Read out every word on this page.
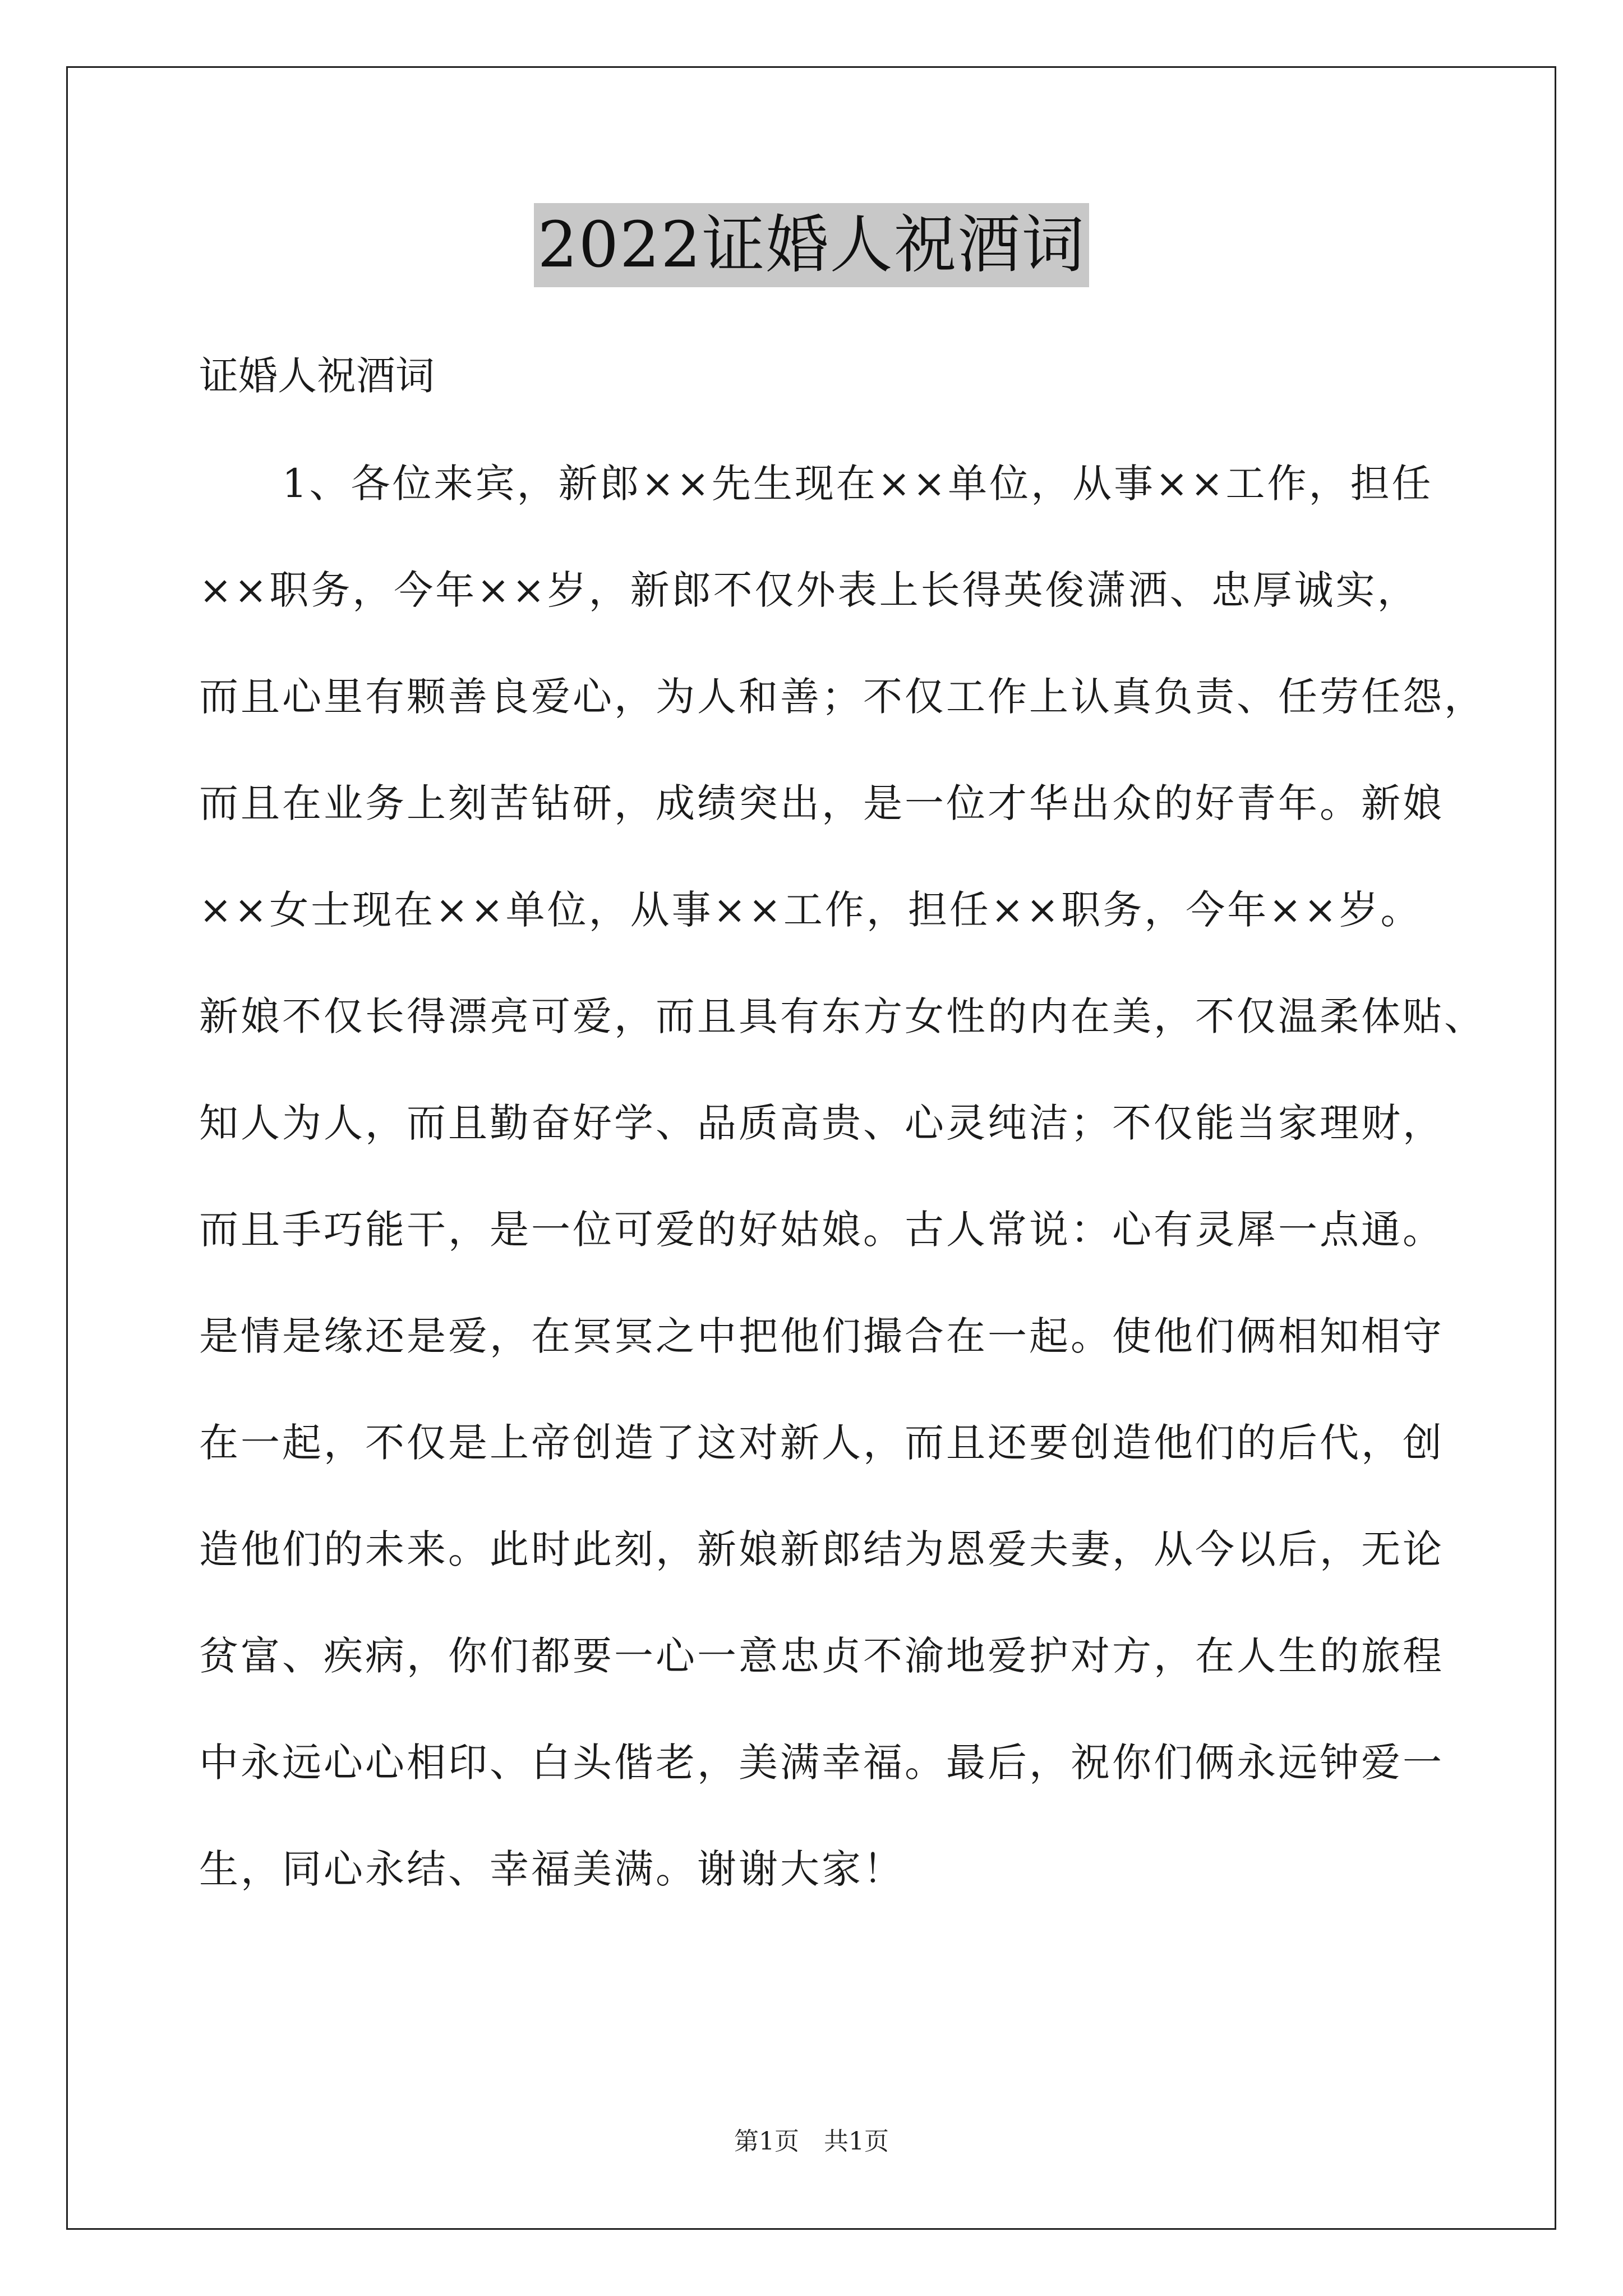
2022证婚人祝酒词
证婚人祝酒词
1、各位来宾，新郎××先生现在××单位，从事××工作，担任
××职务，今年××岁，新郎不仅外表上长得英俊潇洒、忠厚诚实，
而且心里有颗善良爱心，为人和善；不仅工作上认真负责、任劳任怨，
而且在业务上刻苦钻研，成绩突出，是一位才华出众的好青年。新娘
××女士现在××单位，从事××工作，担任××职务，今年××岁。
新娘不仅长得漂亮可爱，而且具有东方女性的内在美，不仅温柔体贴、
知人为人，而且勤奋好学、品质高贵、心灵纯洁；不仅能当家理财，
而且手巧能干，是一位可爱的好姑娘。古人常说：心有灵犀一点通。
是情是缘还是爱，在冥冥之中把他们撮合在一起。使他们俩相知相守
在一起，不仅是上帝创造了这对新人，而且还要创造他们的后代，创
造他们的未来。此时此刻，新娘新郎结为恩爱夫妻，从今以后，无论
贫富、疾病，你们都要一心一意忠贞不渝地爱护对方，在人生的旅程
中永远心心相印、白头偕老，美满幸福。最后，祝你们俩永远钟爱一
生，同心永结、幸福美满。谢谢大家！
第1页　共1页
